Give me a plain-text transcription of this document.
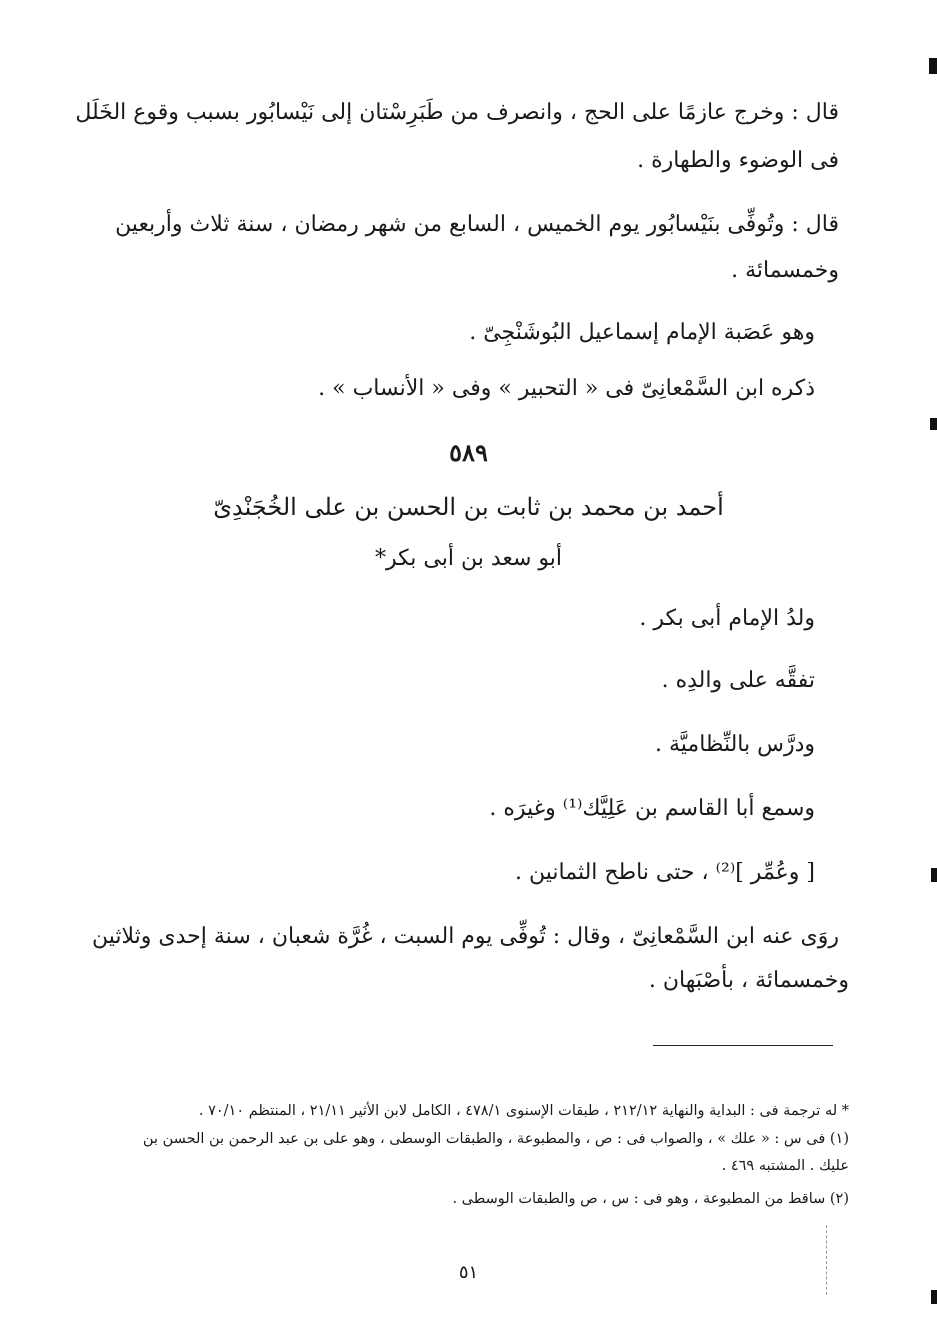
قال : وخرج عازمًا على الحج ، وانصرف من طَبَرِسْتان إلى نَيْسابُور بسبب وقوع الخَلَل
فى الوضوء والطهارة .
قال : وتُوفِّى بنَيْسابُور يوم الخميس ، السابع من شهر رمضان ، سنة ثلاث وأربعين
وخمسمائة .
وهو عَصَبة الإمام إسماعيل البُوشَنْجِىّ .
ذكره ابن السَّمْعانِىّ فى « التحبير » وفى « الأنساب » .
٥٨٩
أحمد بن محمد بن ثابت بن الحسن بن على الخُجَنْدِىّ
أبو سعد بن أبى بكر*
ولدُ الإمام أبى بكر .
تفقَّه على والدِه .
ودرَّس بالنِّظاميَّة .
وسمع أبا القاسم بن عَلِيَّك⁽¹⁾ وغيرَه .
[ وعُمِّر ]⁽²⁾ ، حتى ناطح الثمانين .
روَى عنه ابن السَّمْعانِىّ ، وقال : تُوفِّى يوم السبت ، غُرَّة شعبان ، سنة إحدى وثلاثين
وخمسمائة ، بأصْبَهان .
* له ترجمة فى : البداية والنهاية ٢١٢/١٢ ، طبقات الإسنوى ٤٧٨/١ ، الكامل لابن الأثير ٢١/١١ ، المنتظم ٧٠/١٠ .
(١) فى س : « علك » ، والصواب فى : ص ، والمطبوعة ، والطبقات الوسطى ، وهو على بن عبد الرحمن بن الحسن بن
عليك . المشتبه ٤٦٩ .
(٢) ساقط من المطبوعة ، وهو فى : س ، ص والطبقات الوسطى .
٥١
